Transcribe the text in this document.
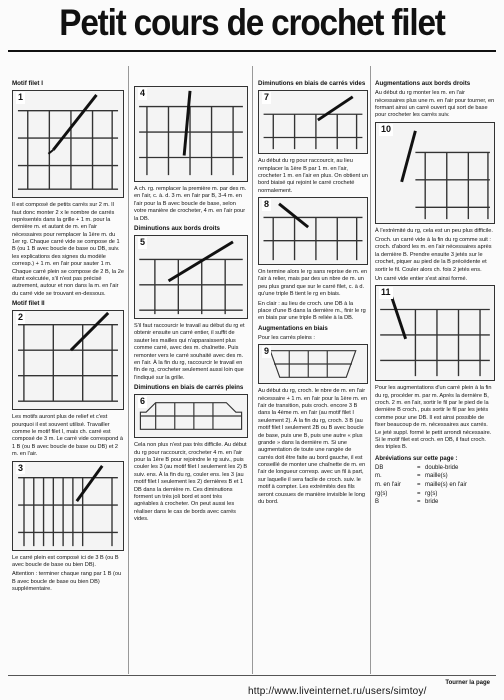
Petit cours de crochet filet
Motif filet I
1

Il est composé de petits carrés sur 2 m. Il faut donc monter 2 x le nombre de carrés représentés dans la grille + 1 m. pour la dernière m. et autant de m. en l'air nécessaires pour remplacer la 1ère m. du 1er rg. Chaque carré vide se compose de 1 B (ou 1 B avec boucle de base ou DB, suiv. les explications des signes du modèle corresp.) + 1 m. en l'air pour sauter 1 m. Chaque carré plein se compose de 2 B, la 2e étant exécutée, s'il n'est pas précisé autrement, autour et non dans la m. en l'air du carré vide se trouvant en-dessous.

Motif filet II
2

Les motifs auront plus de relief et c'est pourquoi il est souvent utilisé. Travailler comme le motif filet I, mais ch. carré est composé de 3 m. Le carré vide correspond à 1 B (ou B avec boucle de base ou DB) et 2 m. en l'air.

3

Le carré plein est composé ici de 3 B (ou B avec boucle de base ou bien DB).

Attention : terminer chaque rang par 1 B (ou B avec boucle de base ou bien DB) supplémentaire.

4

A ch. rg. remplacer la première m. par des m. en l'air, c. à. d. 3 m. en l'air par B, 3-4 m. en l'air pour la B avec boucle de base, selon votre manière de crocheter, 4 m. en l'air pour la DB.

Diminutions aux bords droits
5

S'il faut raccourcir le travail au début du rg et obtenir ensuite un carré entier, il suffit de sauter les mailles qui n'apparaissent plus comme carré, avec des m. chaînette. Puis remonter vers le carré souhaité avec des m. en l'air. À la fin du rg, raccourcir le travail en fin de rg, crocheter seulement aussi loin que l'indiqué sur la grille.

Diminutions en biais de carrés pleins
6

Cela non plus n'est pas très difficile. Au début du rg pour raccourcir, crocheter 4 m. en l'air pour la 1ère B pour rejoindre le rg suiv., puis couler les 3 (au motif filet I seulement les 2) B suiv. ens. À la fin du rg, couler ens. les 3 (au motif filet I seulement les 2) dernières B et 1 DB dans la dernière m. Ces diminutions forment un très joli bord et sont très agréables à crocheter. On peut aussi les réaliser dans le cas de bords avec carrés vides.

Diminutions en biais de carrés vides
7

Au début du rg pour raccourcir, au lieu remplacer la 1ère B par 1 m. en l'air, crocheter 1 m. en l'air en plus. On obtient un bord biaisé qui rejoint le carré crocheté normalement.

8

On termine alors le rg sans reprise de m. en l'air à relier, mais par des un nbre de m. un peu plus grand que sur le carré filet, c. à d. qu'une triple B tient le rg en biais.

En clair : au lieu de croch. une DB à la place d'une B dans la dernière m., finir le rg en biais par une triple B reliée à la DB.

Augmentations en biais

Pour les carrés pleins :

9

Au début du rg, croch. le nbre de m. en l'air nécessaire + 1 m. en l'air pour la 1ère m. en l'air de transition, puis croch. encore 3 B dans la 4ème m. en l'air (au motif filet I seulement 2). À la fin du rg, croch. 3 B (au motif filet I seulement 2B ou B avec boucle de base, puis une B, puis une autre « plus grande » dans la dernière m. Si une augmentation de toute une rangée de carrés doit être faite au bord gauche, il est conseillé de monter une chaînette de m. en l'air de longueur corresp. avec un fil à part, sur laquelle il sera facile de croch. suiv. le motif à compter. Les extrémités des fils seront cousues de manière invisible le long du bord.

Augmentations aux bords droits

Au début du rg monter les m. en l'air nécessaires plus une m. en l'air pour tourner, en formant ainsi un carré ouvert qui sort de base pour crocheter les carrés suiv.

10

À l'extrémité du rg, cela est un peu plus difficile.

Croch. un carré vide à la fin du rg comme suit : croch. d'abord les m. en l'air nécessaires après la dernière B. Prendre ensuite 3 jetés sur le crochet, piquer au pied de la B précédente et sortir le fil. Couler alors ch. fois 2 jetés ens.

Un carré vide entier s'est ainsi formé.

11

Pour les augmentations d'un carré plein à la fin du rg, procéder m. par m. Après la dernière B, croch. 2 m. en l'air, sortir le fil par le pied de la dernière B croch., puis sortir le fil par les jetés comme pour une DB. Il est ainsi possible de fixer beaucoup de m. nécessaires aux carrés. Le jeté suppl. formé le petit arrondi nécessaire. Si le motif filet est croch. en DB, il faut croch. des triples B.

Abréviations sur cette page :
DB	= double-bride
m.	= maille(s)
m. en l'air	= maille(s) en l'air
rg(s)	= rg(s)
B	= bride
Tourner la page
http://www.liveinternet.ru/users/simtoy/
